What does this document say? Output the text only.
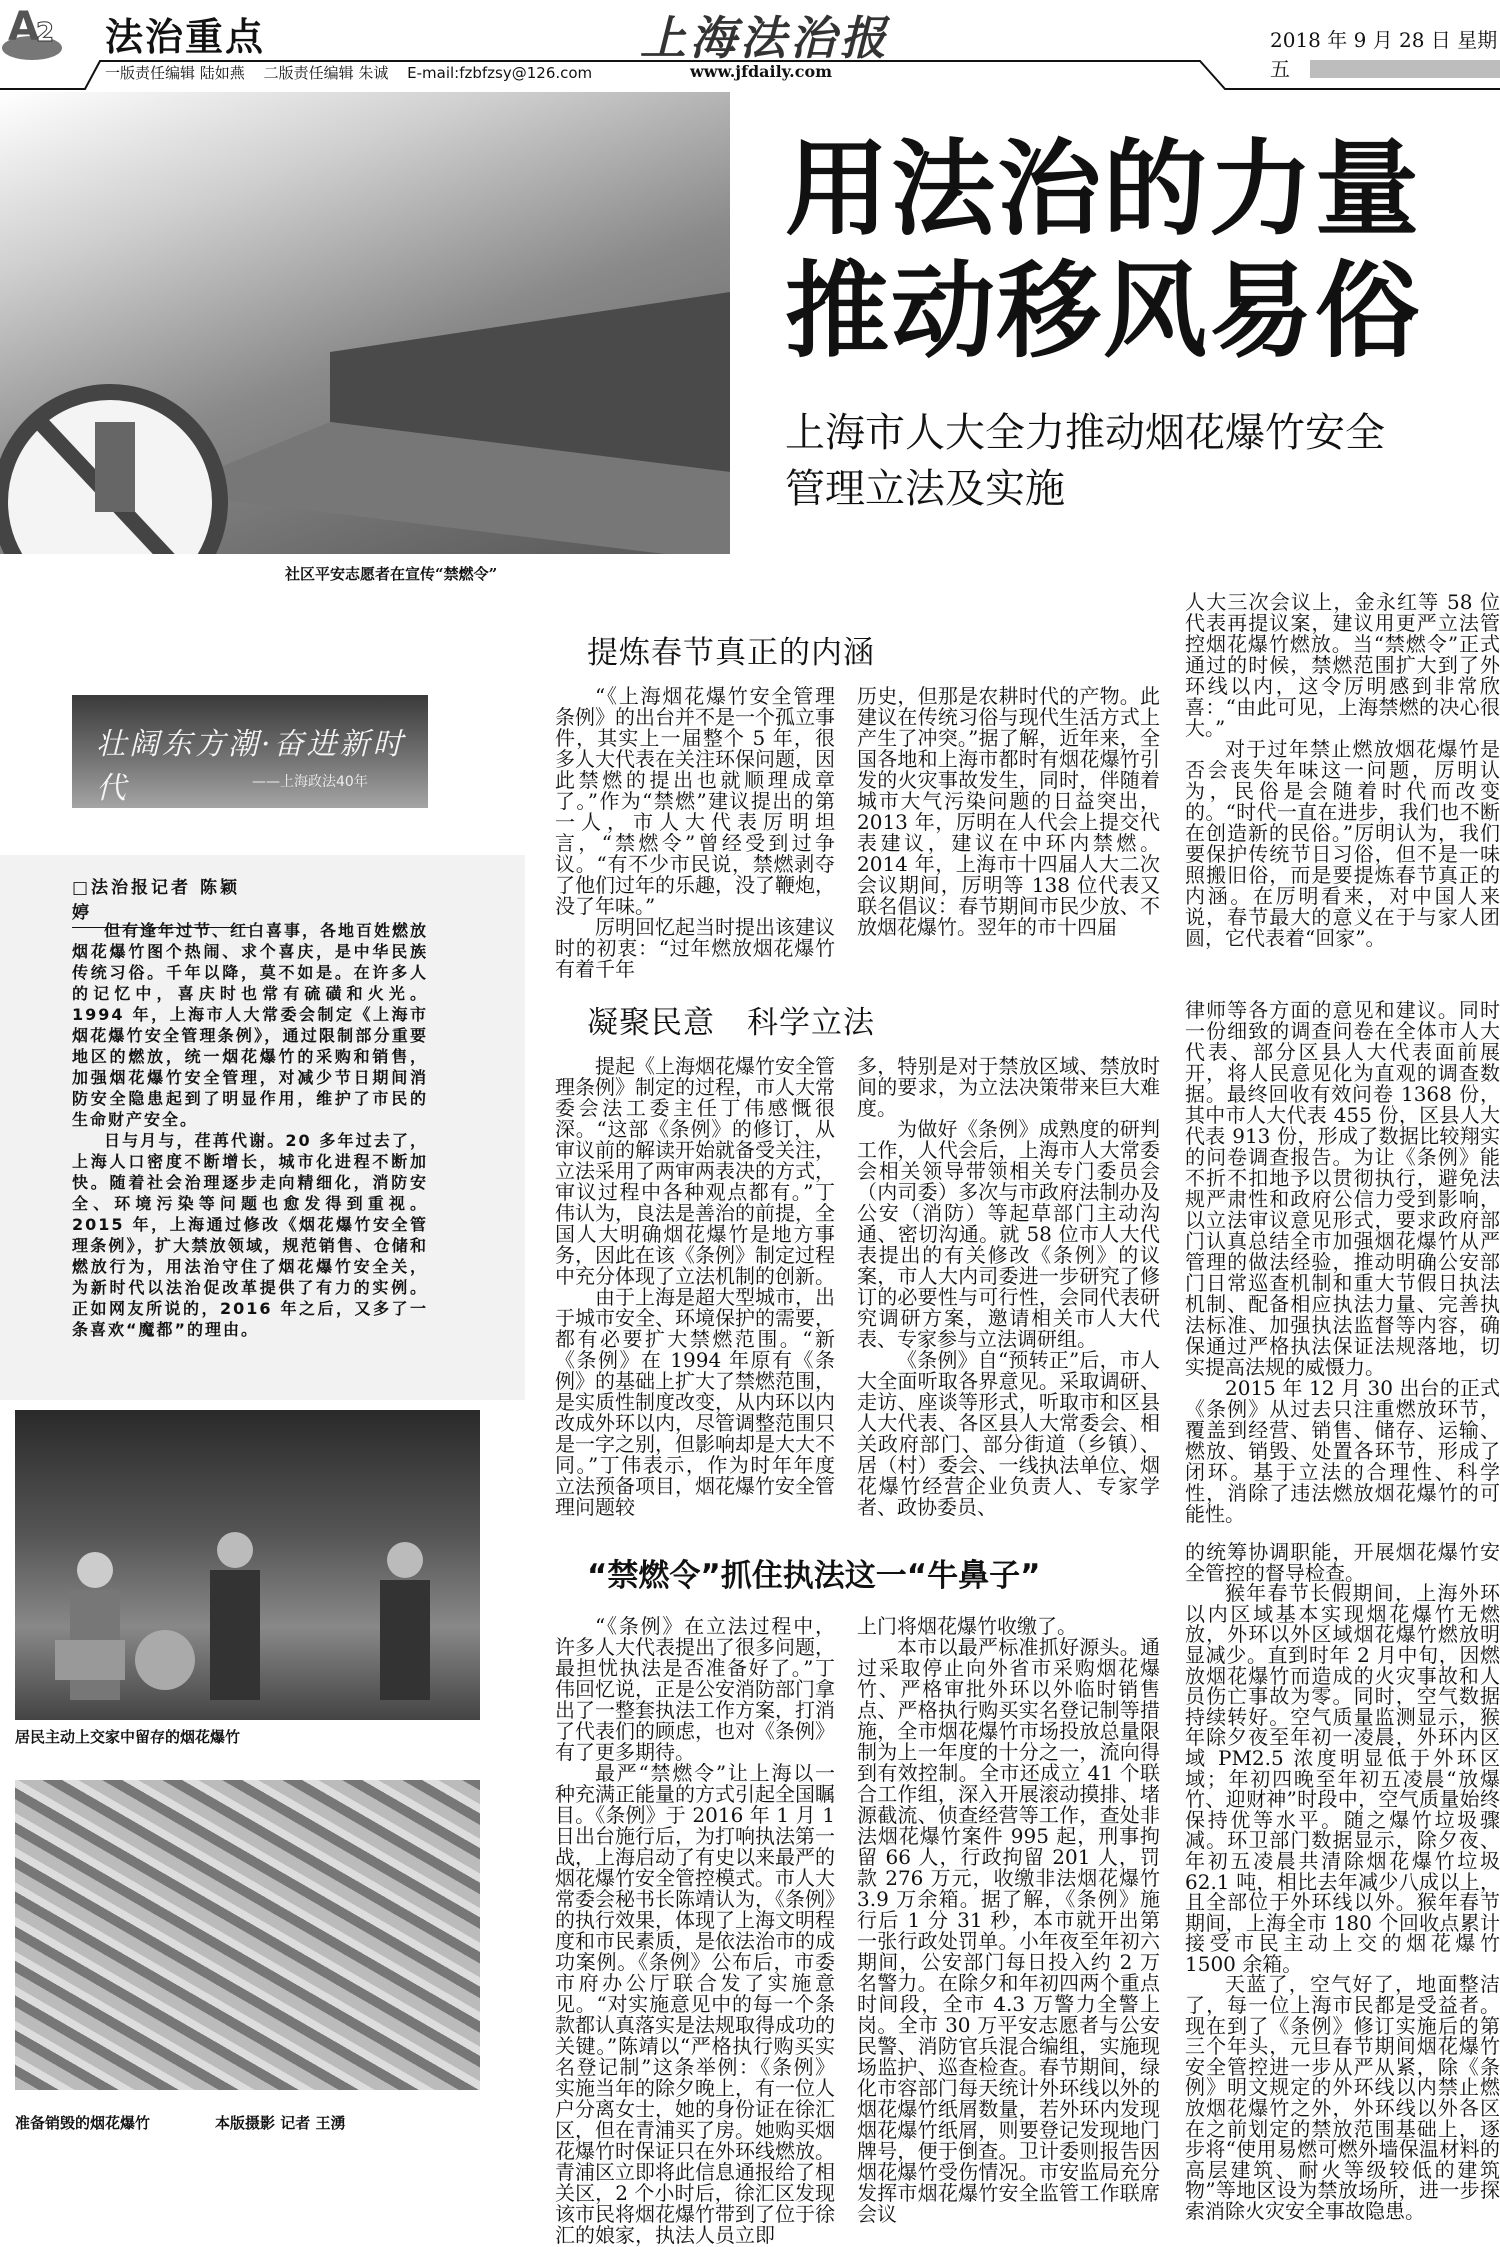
A
2 法治重点	上海法治报	2018 年 9 月 28 日 星期五
一版责任编辑 陆如燕 二版责任编辑 朱诚 E-mail:fzbfzsy@126.com	www.jfdaily.com
社区平安志愿者在宣传“禁燃令”
用法治的力量
推动移风易俗
上海市人大全力推动烟花爆竹安全管理立法及实施
壮阔东方潮·奋进新时代	——上海政法40年
□法治报记者 陈颖婷

但有逢年过节、红白喜事，各地百姓燃放烟花爆竹图个热闹、求个喜庆，是中华民族传统习俗。千年以降，莫不如是。在许多人的记忆中，喜庆时也常有硫磺和火光。1994 年，上海市人大常委会制定《上海市烟花爆竹安全管理条例》，通过限制部分重要地区的燃放，统一烟花爆竹的采购和销售，加强烟花爆竹安全管理，对减少节日期间消防安全隐患起到了明显作用，维护了市民的生命财产安全。

日与月与，荏苒代谢。20 多年过去了，上海人口密度不断增长，城市化进程不断加快。随着社会治理逐步走向精细化，消防安全、环境污染等问题也愈发得到重视。2015 年，上海通过修改《烟花爆竹安全管理条例》，扩大禁放领域，规范销售、仓储和燃放行为，用法治守住了烟花爆竹安全关，为新时代以法治促改革提供了有力的实例。正如网友所说的，2016 年之后，又多了一条喜欢“魔都”的理由。

居民主动上交家中留存的烟花爆竹
准备销毁的烟花爆竹	本版摄影 记者 王湧
提炼春节真正的内涵

“《上海烟花爆竹安全管理条例》的出台并不是一个孤立事件，其实上一届整个 5 年，很多人大代表在关注环保问题，因此禁燃的提出也就顺理成章了。”作为“禁燃”建议提出的第一人，市人大代表厉明坦言，“禁燃令”曾经受到过争议。“有不少市民说，禁燃剥夺了他们过年的乐趣，没了鞭炮，没了年味。”

厉明回忆起当时提出该建议时的初衷：“过年燃放烟花爆竹有着千年

历史，但那是农耕时代的产物。此建议在传统习俗与现代生活方式上产生了冲突。”据了解，近年来，全国各地和上海市都时有烟花爆竹引发的火灾事故发生，同时，伴随着城市大气污染问题的日益突出，2013 年，厉明在人代会上提交代表建议，建议在中环内禁燃。2014 年，上海市十四届人大二次会议期间，厉明等 138 位代表又联名倡议：春节期间市民少放、不放烟花爆竹。翌年的市十四届

人大三次会议上，金永红等 58 位代表再提议案，建议用更严立法管控烟花爆竹燃放。当“禁燃令”正式通过的时候，禁燃范围扩大到了外环线以内，这令厉明感到非常欣喜：“由此可见，上海禁燃的决心很大。”

对于过年禁止燃放烟花爆竹是否会丧失年味这一问题，厉明认为，民俗是会随着时代而改变的。“时代一直在进步，我们也不断在创造新的民俗。”厉明认为，我们要保护传统节日习俗，但不是一味照搬旧俗，而是要提炼春节真正的内涵。在厉明看来，对中国人来说，春节最大的意义在于与家人团圆，它代表着“回家”。

凝聚民意　科学立法

提起《上海烟花爆竹安全管理条例》制定的过程，市人大常委会法工委主任丁伟感慨很深。“这部《条例》的修订，从审议前的解读开始就备受关注，立法采用了两审两表决的方式，审议过程中各种观点都有。”丁伟认为，良法是善治的前提，全国人大明确烟花爆竹是地方事务，因此在该《条例》制定过程中充分体现了立法机制的创新。

由于上海是超大型城市，出于城市安全、环境保护的需要，都有必要扩大禁燃范围。“新《条例》在 1994 年原有《条例》的基础上扩大了禁燃范围，是实质性制度改变，从内环以内改成外环以内，尽管调整范围只是一字之别，但影响却是大大不同。”丁伟表示，作为时年年度立法预备项目，烟花爆竹安全管理问题较

多，特别是对于禁放区域、禁放时间的要求，为立法决策带来巨大难度。

为做好《条例》成熟度的研判工作，人代会后，上海市人大常委会相关领导带领相关专门委员会（内司委）多次与市政府法制办及公安（消防）等起草部门主动沟通、密切沟通。就 58 位市人大代表提出的有关修改《条例》的议案，市人大内司委进一步研究了修订的必要性与可行性，会同代表研究调研方案，邀请相关市人大代表、专家参与立法调研组。

《条例》自“预转正”后，市人大全面听取各界意见。采取调研、走访、座谈等形式，听取市和区县人大代表、各区县人大常委会、相关政府部门、部分街道（乡镇）、居（村）委会、一线执法单位、烟花爆竹经营企业负责人、专家学者、政协委员、

律师等各方面的意见和建议。同时一份细致的调查问卷在全体市人大代表、部分区县人大代表面前展开，将人民意见化为直观的调查数据。最终回收有效问卷 1368 份，其中市人大代表 455 份，区县人大代表 913 份，形成了数据比较翔实的问卷调查报告。为让《条例》能不折不扣地予以贯彻执行，避免法规严肃性和政府公信力受到影响，以立法审议意见形式，要求政府部门认真总结全市加强烟花爆竹从严管理的做法经验，推动明确公安部门日常巡查机制和重大节假日执法机制、配备相应执法力量、完善执法标准、加强执法监督等内容，确保通过严格执法保证法规落地，切实提高法规的威慑力。

2015 年 12 月 30 出台的正式《条例》从过去只注重燃放环节，覆盖到经营、销售、储存、运输、燃放、销毁、处置各环节，形成了闭环。基于立法的合理性、科学性，消除了违法燃放烟花爆竹的可能性。

“禁燃令”抓住执法这一“牛鼻子”

“《条例》在立法过程中，许多人大代表提出了很多问题，最担忧执法是否准备好了。”丁伟回忆说，正是公安消防部门拿出了一整套执法工作方案，打消了代表们的顾虑，也对《条例》有了更多期待。

最严“禁燃令”让上海以一种充满正能量的方式引起全国瞩目。《条例》于 2016 年 1 月 1 日出台施行后，为打响执法第一战，上海启动了有史以来最严的烟花爆竹安全管控模式。市人大常委会秘书长陈靖认为，《条例》的执行效果，体现了上海文明程度和市民素质，是依法治市的成功案例。《条例》公布后，市委市府办公厅联合发了实施意见。“对实施意见中的每一个条款都认真落实是法规取得成功的关键。”陈靖以“严格执行购买实名登记制”这条举例：《条例》实施当年的除夕晚上，有一位人户分离女士，她的身份证在徐汇区，但在青浦买了房。她购买烟花爆竹时保证只在外环线燃放。青浦区立即将此信息通报给了相关区，2 个小时后，徐汇区发现该市民将烟花爆竹带到了位于徐汇的娘家，执法人员立即

上门将烟花爆竹收缴了。

本市以最严标准抓好源头。通过采取停止向外省市采购烟花爆竹、严格审批外环以外临时销售点、严格执行购买实名登记制等措施，全市烟花爆竹市场投放总量限制为上一年度的十分之一，流向得到有效控制。全市还成立 41 个联合工作组，深入开展滚动摸排、堵源截流、侦查经营等工作，查处非法烟花爆竹案件 995 起，刑事拘留 66 人，行政拘留 201 人，罚款 276 万元，收缴非法烟花爆竹 3.9 万余箱。据了解，《条例》施行后 1 分 31 秒，本市就开出第一张行政处罚单。小年夜至年初六期间，公安部门每日投入约 2 万名警力。在除夕和年初四两个重点时间段，全市 4.3 万警力全警上岗。全市 30 万平安志愿者与公安民警、消防官兵混合编组，实施现场监护、巡查检查。春节期间，绿化市容部门每天统计外环线以外的烟花爆竹纸屑数量，若外环内发现烟花爆竹纸屑，则要登记发现地门牌号，便于倒查。卫计委则报告因烟花爆竹受伤情况。市安监局充分发挥市烟花爆竹安全监管工作联席会议

的统筹协调职能，开展烟花爆竹安全管控的督导检查。

猴年春节长假期间，上海外环以内区域基本实现烟花爆竹无燃放，外环以外区域烟花爆竹燃放明显减少。直到时年 2 月中旬，因燃放烟花爆竹而造成的火灾事故和人员伤亡事故为零。同时，空气数据持续转好。空气质量监测显示，猴年除夕夜至年初一凌晨，外环内区域 PM2.5 浓度明显低于外环区域；年初四晚至年初五凌晨“放爆竹、迎财神”时段中，空气质量始终保持优等水平。随之爆竹垃圾骤减。环卫部门数据显示，除夕夜、年初五凌晨共清除烟花爆竹垃圾 62.1 吨，相比去年减少八成以上，且全部位于外环线以外。猴年春节期间，上海全市 180 个回收点累计接受市民主动上交的烟花爆竹 1500 余箱。

天蓝了，空气好了，地面整洁了，每一位上海市民都是受益者。现在到了《条例》修订实施后的第三个年头，元旦春节期间烟花爆竹安全管控进一步从严从紧，除《条例》明文规定的外环线以内禁止燃放烟花爆竹之外，外环线以外各区在之前划定的禁放范围基础上，逐步将“使用易燃可燃外墙保温材料的高层建筑、耐火等级较低的建筑物”等地区设为禁放场所，进一步探索消除火灾安全事故隐患。
